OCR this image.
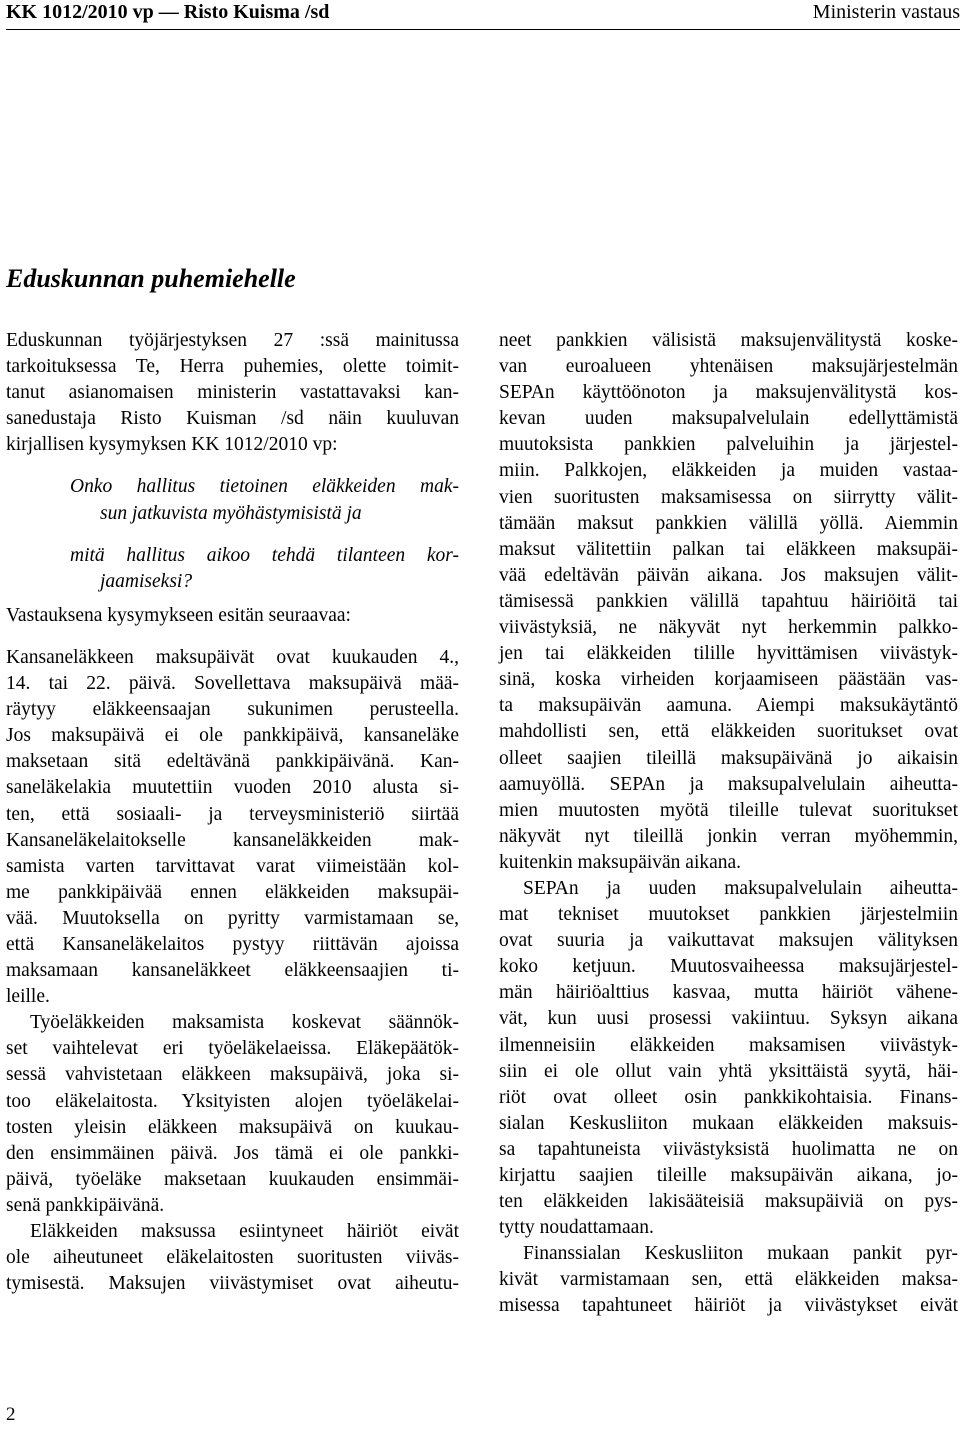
KK 1012/2010 vp — Risto Kuisma /sd	Ministerin vastaus
Eduskunnan puhemiehelle
Eduskunnan työjärjestyksen 27 :ssä mainitussa
tarkoituksessa Te, Herra puhemies, olette toimit-
tanut asianomaisen ministerin vastattavaksi kan-
sanedustaja Risto Kuisman /sd näin kuuluvan
kirjallisen kysymyksen KK 1012/2010 vp:
Onko hallitus tietoinen eläkkeiden mak-
sun jatkuvista myöhästymisistä ja
mitä hallitus aikoo tehdä tilanteen kor-
jaamiseksi?
Vastauksena kysymykseen esitän seuraavaa:
Kansaneläkkeen maksupäivät ovat kuukauden 4.,
14. tai 22. päivä. Sovellettava maksupäivä mää-
räytyy eläkkeensaajan sukunimen perusteella.
Jos maksupäivä ei ole pankkipäivä, kansaneläke
maksetaan sitä edeltävänä pankkipäivänä. Kan-
saneläkelakia muutettiin vuoden 2010 alusta si-
ten, että sosiaali- ja terveysministeriö siirtää
Kansaneläkelaitokselle kansaneläkkeiden mak-
samista varten tarvittavat varat viimeistään kol-
me pankkipäivää ennen eläkkeiden maksupäi-
vää. Muutoksella on pyritty varmistamaan se,
että Kansaneläkelaitos pystyy riittävän ajoissa
maksamaan kansaneläkkeet eläkkeensaajien ti-
leille.
Työeläkkeiden maksamista koskevat säännök-
set vaihtelevat eri työeläkelaeissa. Eläkepäätök-
sessä vahvistetaan eläkkeen maksupäivä, joka si-
too eläkelaitosta. Yksityisten alojen työeläkelai-
tosten yleisin eläkkeen maksupäivä on kuukau-
den ensimmäinen päivä. Jos tämä ei ole pankki-
päivä, työeläke maksetaan kuukauden ensimmäi-
senä pankkipäivänä.
Eläkkeiden maksussa esiintyneet häiriöt eivät
ole aiheutuneet eläkelaitosten suoritusten viiväs-
tymisestä. Maksujen viivästymiset ovat aiheutu-
neet pankkien välisistä maksujenvälitystä koske-
van euroalueen yhtenäisen maksujärjestelmän
SEPAn käyttöönoton ja maksujenvälitystä kos-
kevan uuden maksupalvelulain edellyttämistä
muutoksista pankkien palveluihin ja järjestel-
miin. Palkkojen, eläkkeiden ja muiden vastaa-
vien suoritusten maksamisessa on siirrytty välit-
tämään maksut pankkien välillä yöllä. Aiemmin
maksut välitettiin palkan tai eläkkeen maksupäi-
vää edeltävän päivän aikana. Jos maksujen välit-
tämisessä pankkien välillä tapahtuu häiriöitä tai
viivästyksiä, ne näkyvät nyt herkemmin palkko-
jen tai eläkkeiden tilille hyvittämisen viivästyk-
sinä, koska virheiden korjaamiseen päästään vas-
ta maksupäivän aamuna. Aiempi maksukäytäntö
mahdollisti sen, että eläkkeiden suoritukset ovat
olleet saajien tileillä maksupäivänä jo aikaisin
aamuyöllä. SEPAn ja maksupalvelulain aiheutta-
mien muutosten myötä tileille tulevat suoritukset
näkyvät nyt tileillä jonkin verran myöhemmin,
kuitenkin maksupäivän aikana.
SEPAn ja uuden maksupalvelulain aiheutta-
mat tekniset muutokset pankkien järjestelmiin
ovat suuria ja vaikuttavat maksujen välityksen
koko ketjuun. Muutosvaiheessa maksujärjestel-
män häiriöalttius kasvaa, mutta häiriöt vähene-
vät, kun uusi prosessi vakiintuu. Syksyn aikana
ilmenneisiin eläkkeiden maksamisen viivästyk-
siin ei ole ollut vain yhtä yksittäistä syytä, häi-
riöt ovat olleet osin pankkikohtaisia. Finans-
sialan Keskusliiton mukaan eläkkeiden maksuis-
sa tapahtuneista viivästyksistä huolimatta ne on
kirjattu saajien tileille maksupäivän aikana, jo-
ten eläkkeiden lakisääteisiä maksupäiviä on pys-
tytty noudattamaan.
Finanssialan Keskusliiton mukaan pankit pyr-
kivät varmistamaan sen, että eläkkeiden maksa-
misessa tapahtuneet häiriöt ja viivästykset eivät
2
